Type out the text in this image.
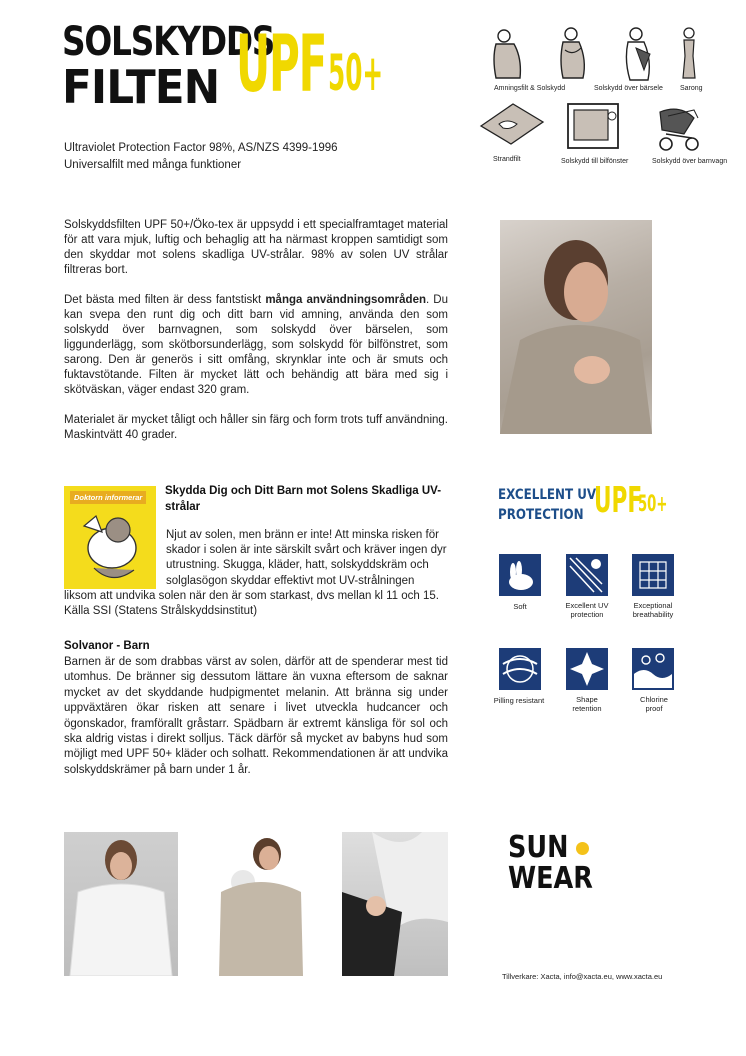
SOLSKYDDS
FILTEN UPF 50+
Ultraviolet Protection Factor 98%, AS/NZS 4399-1996
Universalfilt med många funktioner
Amningsfilt & Solskydd	Solskydd över bärsele Sarong
Strandfilt	Solskydd till bilfönster	Solskydd över barnvagn

Solskyddsfilten UPF 50+/Öko-tex är uppsydd i ett specialframtaget material för att vara mjuk, luftig och behaglig att ha närmast kroppen samtidigt som den skyddar mot solens skadliga UV-strålar. 98% av solen UV strålar filtreras bort.

Det bästa med filten är dess fantstiskt många användningsområden. Du kan svepa den runt dig och ditt barn vid amning, använda den som solskydd över barnvagnen, som solskydd över bärselen, som liggunderlägg, som skötborsunderlägg, som solskydd för bilfönstret, som sarong. Den är generös i sitt omfång, skrynklar inte och är smuts och fuktavstötande. Filten är mycket lätt och behändig att bära med sig i skötväskan, väger endast 320 gram.

Materialet är mycket tåligt och håller sin färg och form trots tuff användning. Maskintvätt 40 grader.

Doktorn informerar
Skydda Dig och Ditt Barn mot Solens Skadliga UV-strålar
Njut av solen, men bränn er inte! Att minska risken för skador i solen är inte särskilt svårt och kräver ingen dyr utrustning. Skugga, kläder, hatt, solskyddskräm och solglasögon skyddar effektivt mot UV-strålningen liksom att undvika solen när den är som starkast, dvs mellan kl 11 och 15. Källa SSI (Statens Strålskyddsinstitut)
Solvanor - Barn
Barnen är de som drabbas värst av solen, därför att de spenderar mest tid utomhus. De bränner sig dessutom lättare än vuxna eftersom de saknar mycket av det skyddande hudpigmentet melanin. Att bränna sig under uppväxtären ökar risken att senare i livet utveckla hudcancer och ögonskador, framförallt gråstarr. Spädbarn är extremt känsliga för sol och ska aldrig vistas i direkt solljus. Täck därför så mycket av babyns hud som möjligt med UPF 50+ kläder och solhatt. Rekommendationen är att undvika solskyddskrämer på barn under 1 år.
EXCELLENT UV
PROTECTION UPF
50+
Soft	Excellent UV protection
Exceptional breathability
Pilling resistant	Shape retention
Chlorine proof
SUN
WEAR
Tillverkare: Xacta, info@xacta.eu, www.xacta.eu
